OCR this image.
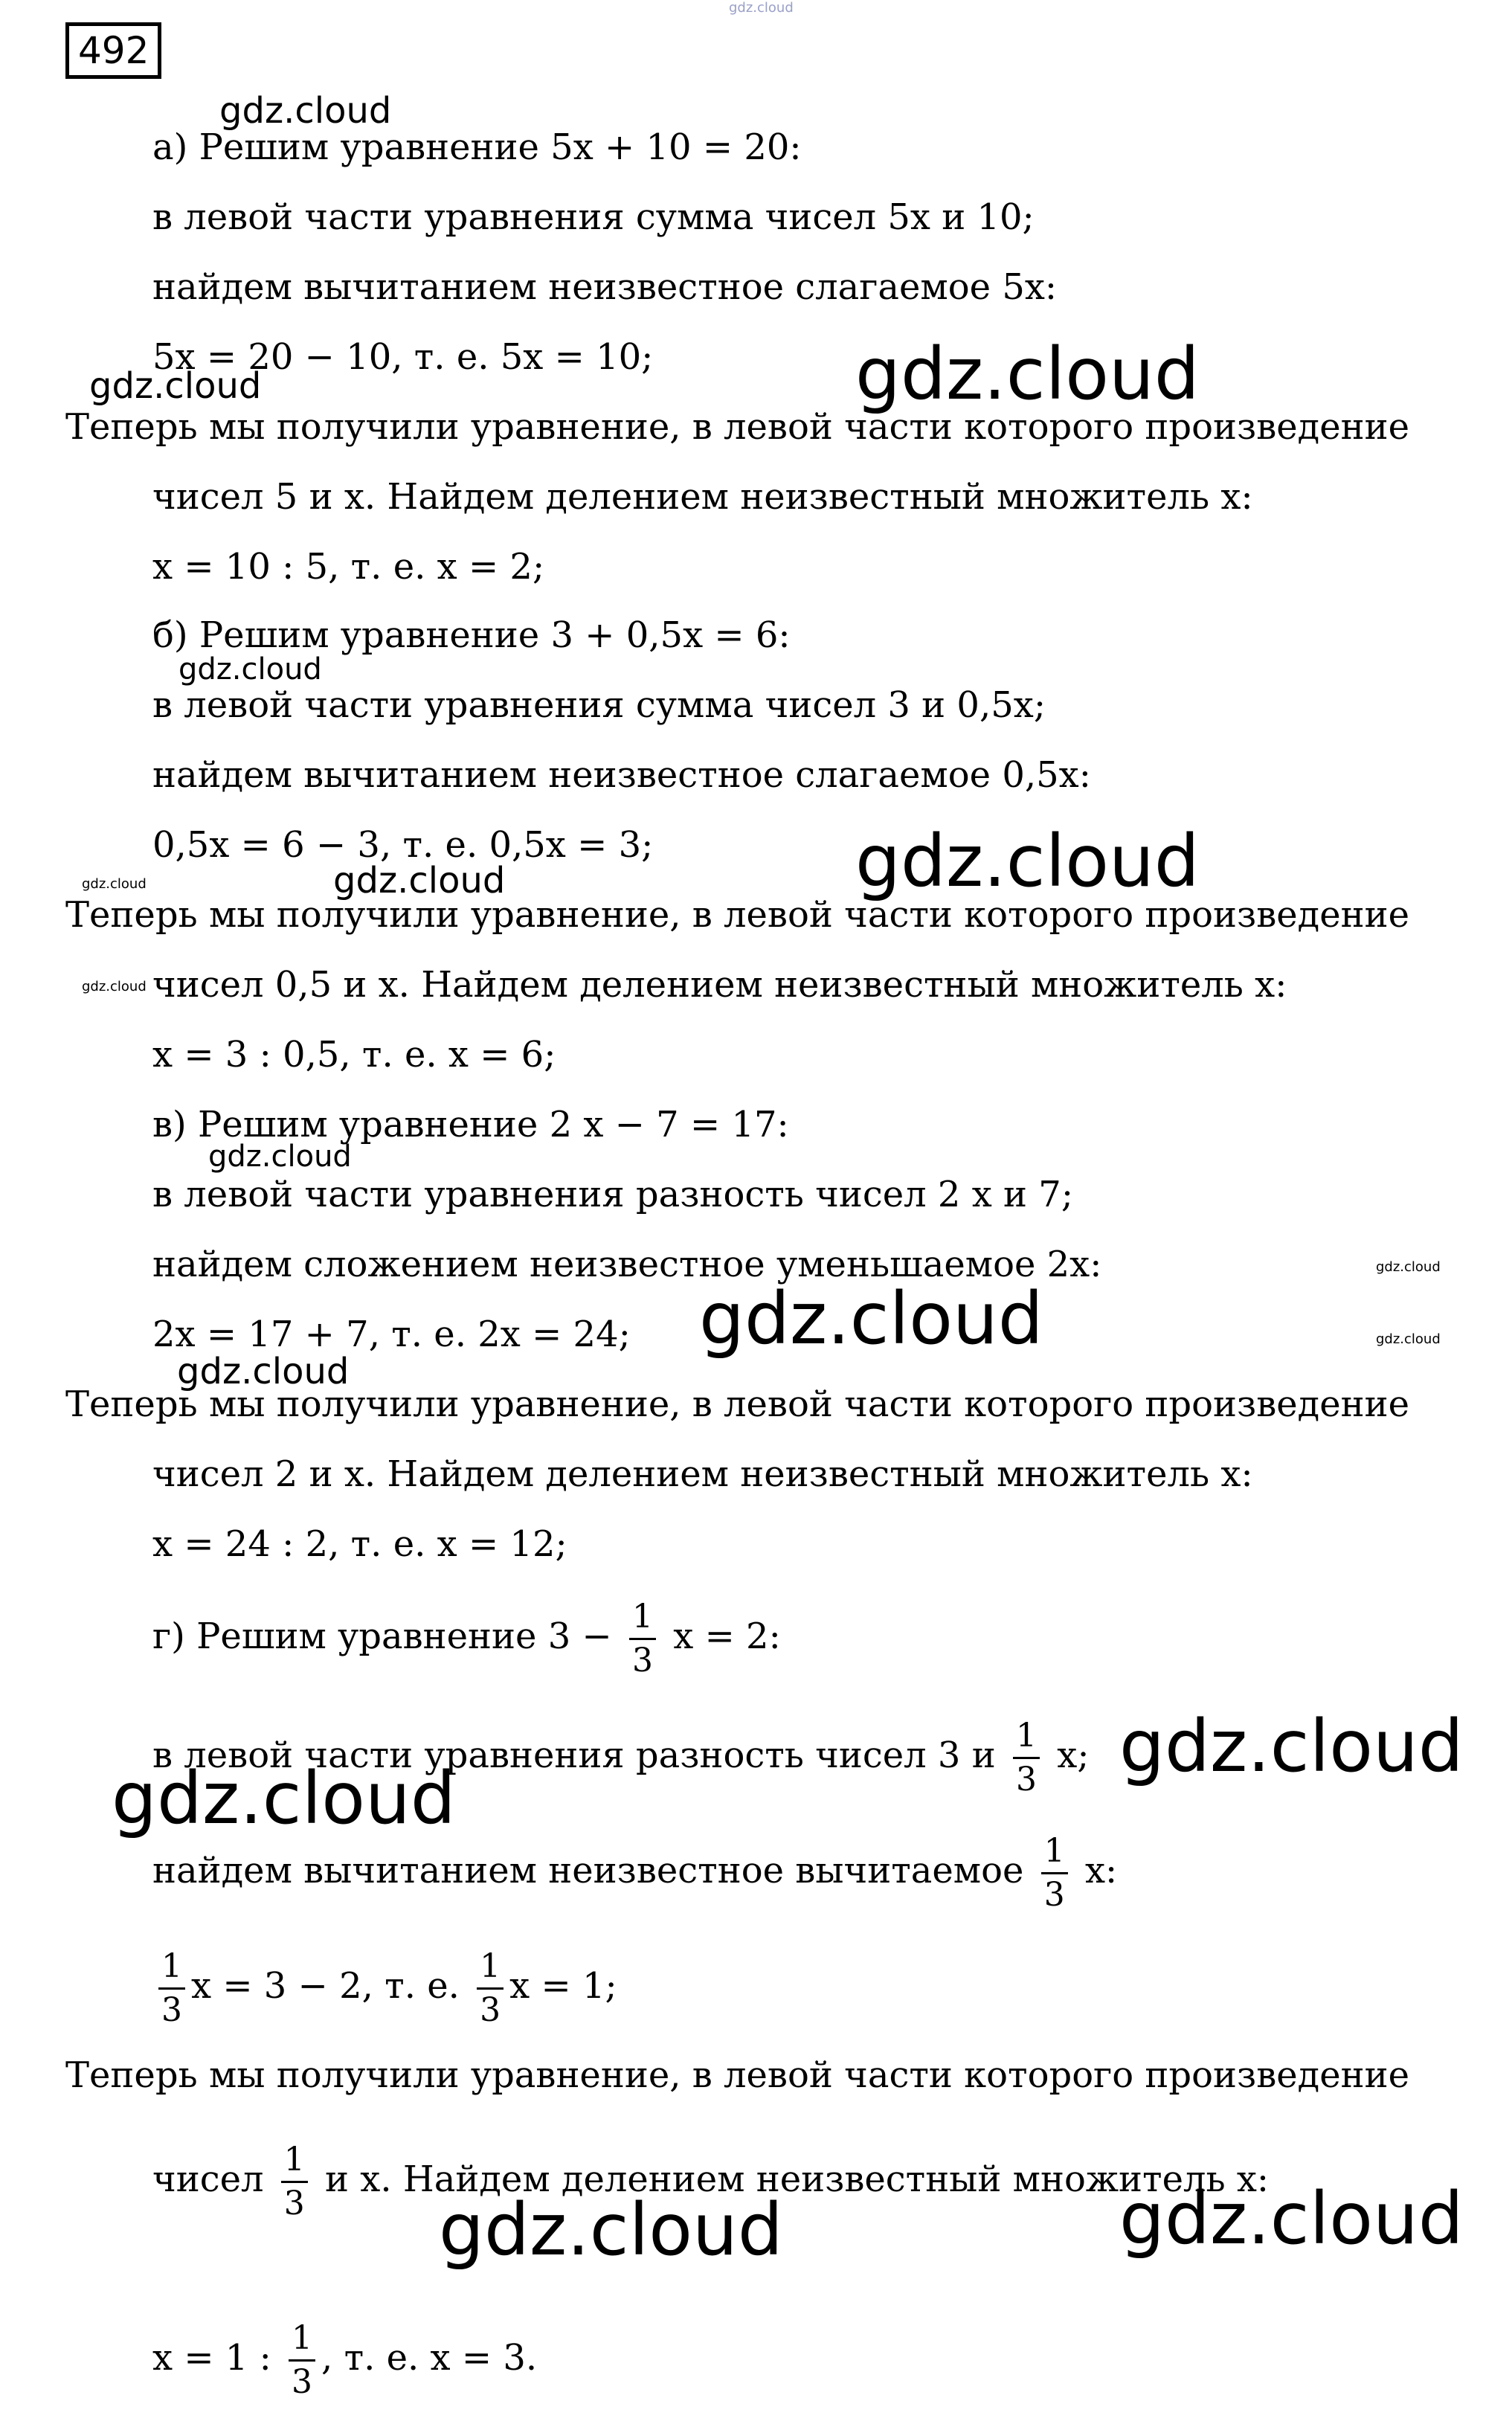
492
а) Решим уравнение 5x + 10 = 20:
в левой части уравнения сумма чисел 5x и 10;
найдем вычитанием неизвестное слагаемое 5x:
5x = 20 − 10, т. е. 5x = 10;
Теперь мы получили уравнение, в левой части которого произведение
чисел 5 и x. Найдем делением неизвестный множитель x:
x = 10 : 5, т. е. x = 2;
б) Решим уравнение 3 + 0,5x = 6:
в левой части уравнения сумма чисел 3 и 0,5x;
найдем вычитанием неизвестное слагаемое 0,5x:
0,5x = 6 − 3, т. е. 0,5x = 3;
Теперь мы получили уравнение, в левой части которого произведение
чисел 0,5 и x. Найдем делением неизвестный множитель x:
x = 3 : 0,5, т. е. x = 6;
в) Решим уравнение 2 x − 7 = 17:
в левой части уравнения разность чисел 2 x и 7;
найдем сложением неизвестное уменьшаемое 2x:
2x = 17 + 7, т. е. 2x = 24;
Теперь мы получили уравнение, в левой части которого произведение
чисел 2 и x. Найдем делением неизвестный множитель x:
x = 24 : 2, т. е. x = 12;
г) Решим уравнение $3 - \frac{1}{3}$ x = 2:
в левой части уравнения разность чисел 3 и $\frac{1}{3} x$;
найдем вычитанием неизвестное вычитаемое $\frac{1}{3} x$:
$\frac{1}{3}$ x = 3 − 2, т. е. $\frac{1}{3}$ x = 1;
Теперь мы получили уравнение, в левой части которого произведение
чисел $\frac{1}{3}$ и x. Найдем делением неизвестный множитель x:
x = 1 : $\frac{1}{3}$ , т. е. x = 3.
gdz.cloud
gdz.cloud
gdz.cloud	gdz.cloud
gdz.cloud
gdz.cloud	gdz.cloud	gdz.cloud
gdz.cloud
gdz.cloud
gdz.cloud
gdz.cloud	gdz.cloud
gdz.cloud
gdz.cloud
gdz.cloud
gdz.cloud
gdz.cloud
